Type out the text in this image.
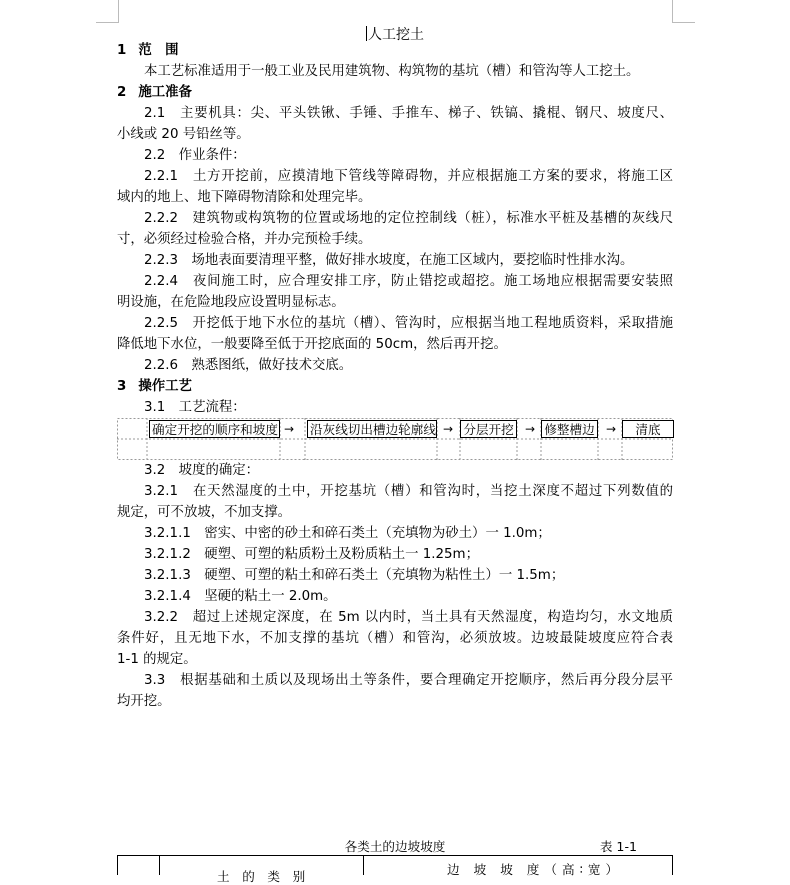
人工挖土
1 范　围
本工艺标准适用于一般工业及民用建筑物、构筑物的基坑（槽）和管沟等人工挖土。
2 施工准备
2.1　主要机具：尖、平头铁锹、手锤、手推车、梯子、铁镐、撬棍、钢尺、坡度尺、
小线或 20 号铅丝等。
2.2　作业条件：
2.2.1　土方开挖前，应摸清地下管线等障碍物，并应根据施工方案的要求，将施工区
域内的地上、地下障碍物清除和处理完毕。
2.2.2　建筑物或构筑物的位置或场地的定位控制线（桩），标准水平桩及基槽的灰线尺
寸，必须经过检验合格，并办完预检手续。
2.2.3　场地表面要清理平整，做好排水坡度，在施工区域内，要挖临时性排水沟。
2.2.4　夜间施工时，应合理安排工序，防止错挖或超挖。施工场地应根据需要安装照
明设施，在危险地段应设置明显标志。
2.2.5　开挖低于地下水位的基坑（槽）、管沟时，应根据当地工程地质资料，采取措施
降低地下水位，一般要降至低于开挖底面的 50cm，然后再开挖。
2.2.6　熟悉图纸，做好技术交底。
3 操作工艺
3.1　工艺流程：
确定开挖的顺序和坡度 → 沿灰线切出槽边轮廓线 → 分层开挖 → 修整槽边 →	清底
3.2　坡度的确定：
3.2.1　在天然湿度的土中，开挖基坑（槽）和管沟时，当挖土深度不超过下列数值的
规定，可不放坡，不加支撑。
3.2.1.1　密实、中密的砂土和碎石类土（充填物为砂土）一 1.0m；
3.2.1.2　硬塑、可塑的粘质粉土及粉质粘土一 1.25m；
3.2.1.3　硬塑、可塑的粘土和碎石类土（充填物为粘性土）一 1.5m；
3.2.1.4　坚硬的粘土一 2.0m。
3.2.2　超过上述规定深度，在 5m 以内时，当土具有天然湿度，构造均匀，水文地质
条件好，且无地下水，不加支撑的基坑（槽）和管沟，必须放坡。边坡最陡坡度应符合表
1-1 的规定。
3.3　根据基础和土质以及现场出土等条件，要合理确定开挖顺序，然后再分段分层平
均开挖。
各类土的边坡坡度	表 1-1
土　的　类　别	边 坡 坡 度（高∶宽）
